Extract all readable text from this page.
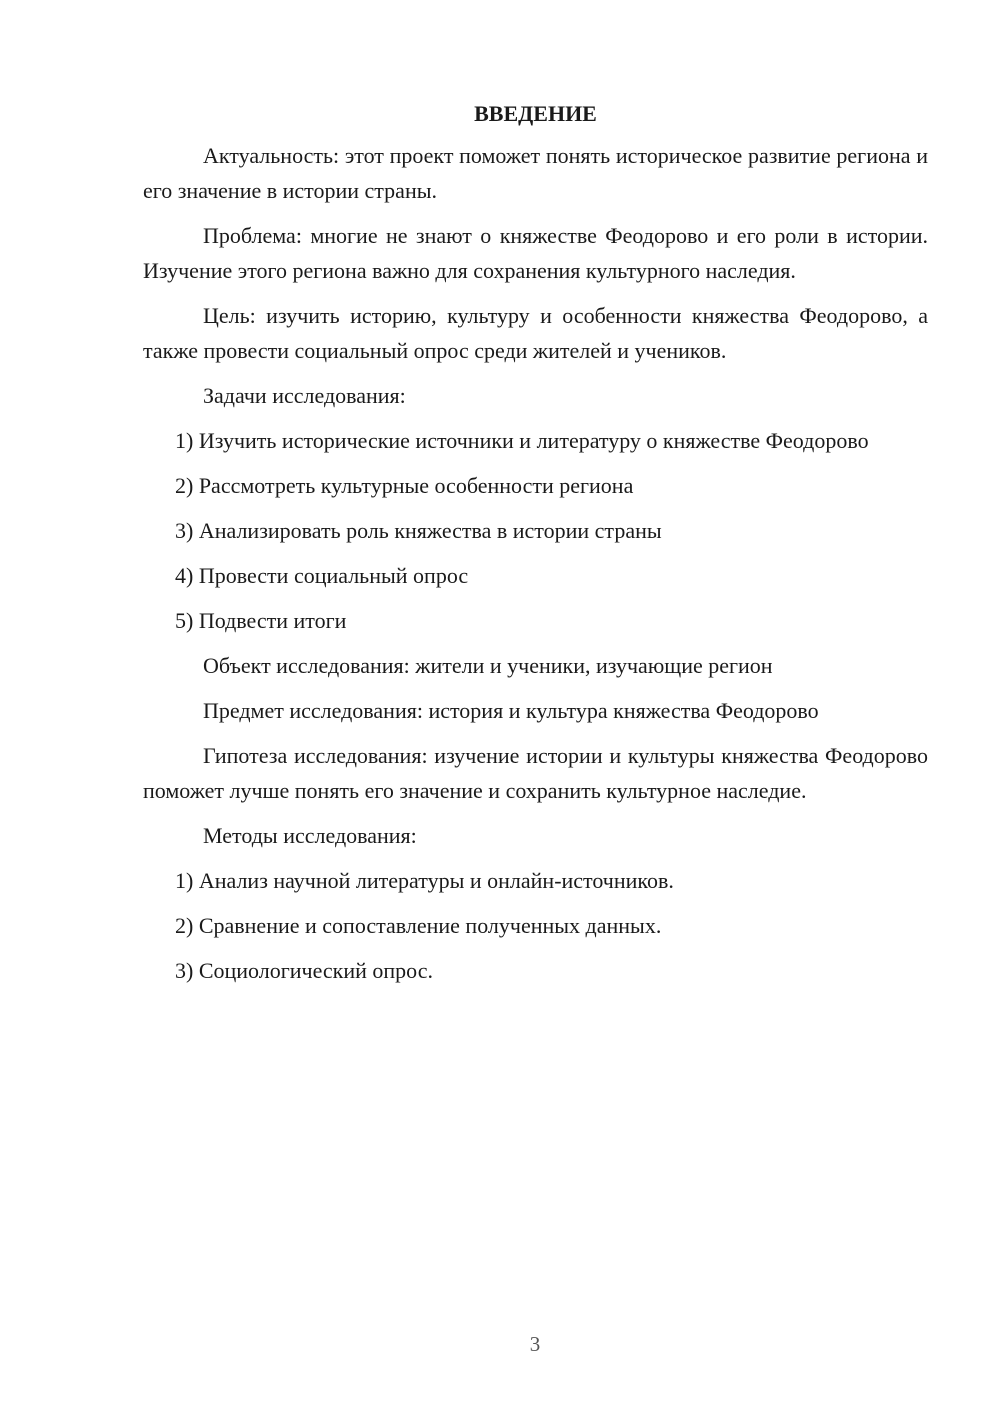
ВВЕДЕНИЕ

Актуальность: этот проект поможет понять историческое развитие региона и его значение в истории страны.

Проблема: многие не знают о княжестве Феодорово и его роли в истории. Изучение этого региона важно для сохранения культурного наследия.

Цель: изучить историю, культуру и особенности княжества Феодорово, а также провести социальный опрос среди жителей и учеников.

Задачи исследования:

1) Изучить исторические источники и литературу о княжестве Феодорово

2) Рассмотреть культурные особенности региона

3) Анализировать роль княжества в истории страны

4) Провести социальный опрос

5) Подвести итоги

Объект исследования: жители и ученики, изучающие регион

Предмет исследования: история и культура княжества Феодорово

Гипотеза исследования: изучение истории и культуры княжества Феодорово поможет лучше понять его значение и сохранить культурное наследие.

Методы исследования:

1) Анализ научной литературы и онлайн-источников.

2) Сравнение и сопоставление полученных данных.

3) Социологический опрос.

3
